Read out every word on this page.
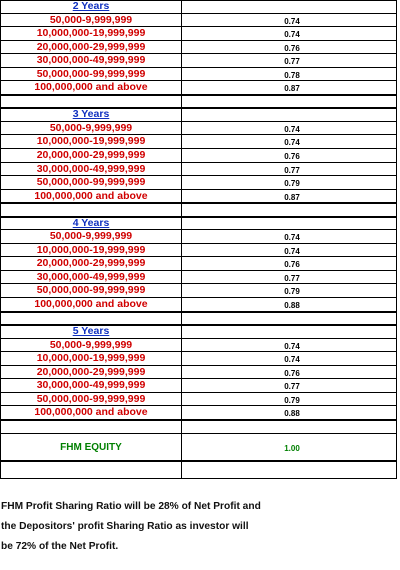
2 Years
50,000-9,999,999	0.74
10,000,000-19,999,999	0.74
20,000,000-29,999,999	0.76
30,000,000-49,999,999	0.77
50,000,000-99,999,999	0.78
100,000,000 and above	0.87
3 Years
50,000-9,999,999	0.74
10,000,000-19,999,999	0.74
20,000,000-29,999,999	0.76
30,000,000-49,999,999	0.77
50,000,000-99,999,999	0.79
100,000,000 and above	0.87
4 Years
50,000-9,999,999	0.74
10,000,000-19,999,999	0.74
20,000,000-29,999,999	0.76
30,000,000-49,999,999	0.77
50,000,000-99,999,999	0.79
100,000,000 and above	0.88
5 Years
50,000-9,999,999	0.74
10,000,000-19,999,999	0.74
20,000,000-29,999,999	0.76
30,000,000-49,999,999	0.77
50,000,000-99,999,999	0.79
100,000,000 and above	0.88
FHM EQUITY	1.00
FHM Profit Sharing Ratio will be 28% of Net Profit and
the Depositors' profit Sharing Ratio as investor will
be 72% of the Net Profit.
